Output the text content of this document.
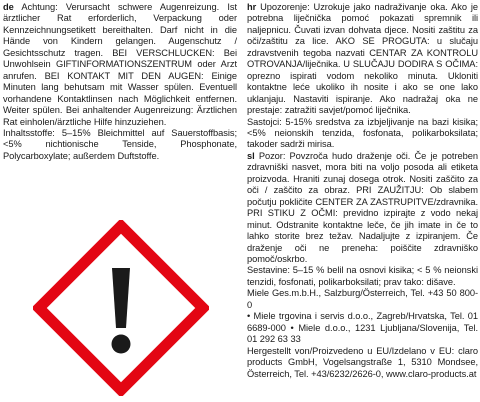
de Achtung: Verursacht schwere Augenreizung. Ist ärztlicher Rat erforderlich, Verpackung oder Kennzeichnungsetikett bereithalten. Darf nicht in die Hände von Kindern gelangen. Augenschutz / Gesichtsschutz tragen. BEI VERSCHLUCKEN: Bei Unwohlsein GIFTINFORMATIONSZENTRUM oder Arzt anrufen. BEI KONTAKT MIT DEN AUGEN: Einige Minuten lang behutsam mit Wasser spülen. Eventuell vorhandene Kontaktlinsen nach Möglichkeit entfernen. Weiter spülen. Bei anhaltender Augenreizung: Ärztlichen Rat einholen/ärztliche Hilfe hinzuziehen.

Inhaltsstoffe: 5–15% Bleichmittel auf Sauerstoffbasis; <5% nichtionische Tenside, Phosphonate, Polycarboxylate; außerdem Duftstoffe.

hr Upozorenje: Uzrokuje jako nadraživanje oka. Ako je potrebna liječnička pomoć pokazati spremnik ili naljepnicu. Čuvati izvan dohvata djece. Nositi zaštitu za oči/zaštitu za lice. AKO SE PROGUTA: u slučaju zdravstvenih tegoba nazvati CENTAR ZA KONTROLU OTROVANJA/liječnika. U SLUČAJU DODIRA S OČIMA: oprezno ispirati vodom nekoliko minuta. Ukloniti kontaktne leće ukoliko ih nosite i ako se one lako uklanjaju. Nastaviti ispiranje. Ako nadražaj oka ne prestaje: zatražiti savjet/pomoć liječnika.

Sastojci: 5-15% sredstva za izbjeljivanje na bazi kisika; <5% neionskih tenzida, fosfonata, polikarboksilata; takoder sadrži mirisa.

sl Pozor: Povzroča hudo draženje oči. Če je potreben zdravniški nasvet, mora biti na voljo posoda ali etiketa proizvoda. Hraniti zunaj dosega otrok. Nositi zaščito za oči / zaščito za obraz. PRI ZAUŽITJU: Ob slabem počutju pokličite CENTER ZA ZASTRUPITVE/zdravnika. PRI STIKU Z OČMI: previdno izpirajte z vodo nekaj minut. Odstranite kontaktne leče, če jih imate in če to lahko storite brez težav. Nadaljujte z izpiranjem. Če draženje oči ne preneha: poiščite zdravniško pomoč/oskrbo.

Sestavine: 5–15 % belil na osnovi kisika; < 5 % neionski tenzidi, fosfonati, polikarboksilati; prav tako: dišave.

Miele Ges.m.b.H., Salzburg/Österreich, Tel. +43 50 800-0

• Miele trgovina i servis d.o.o., Zagreb/Hrvatska, Tel. 01 6689-000 • Miele d.o.o., 1231 Ljubljana/Slovenija, Tel. 01 292 63 33

Hergestellt von/Proizvedeno u EU/Izdelano v EU: claro products GmbH, Vogelsangstraße 1, 5310 Mondsee, Österreich, Tel. +43/6232/2626-0, www.claro-products.at
